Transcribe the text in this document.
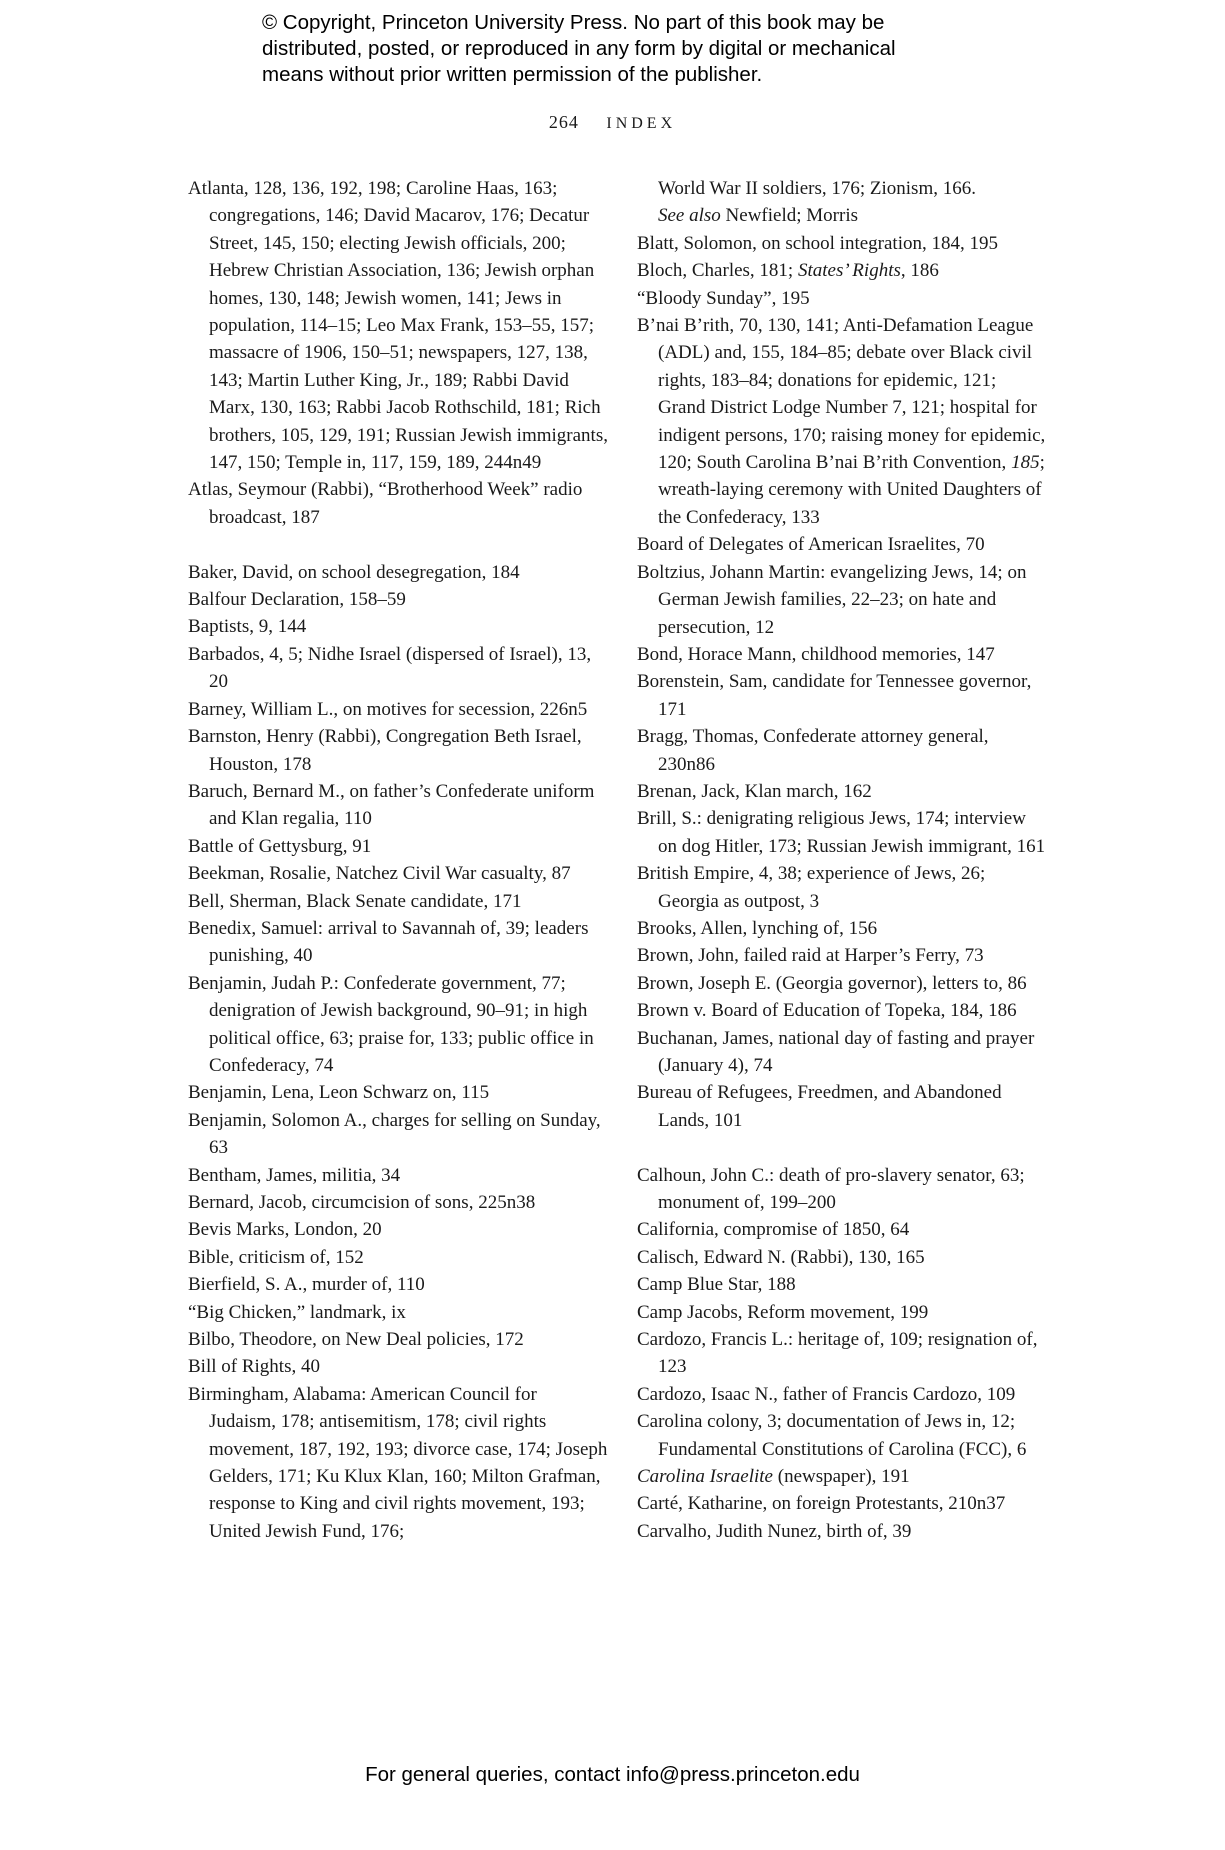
© Copyright, Princeton University Press. No part of this book may be
distributed, posted, or reproduced in any form by digital or mechanical
means without prior written permission of the publisher.
264 INDEX
Atlanta, 128, 136, 192, 198; Caroline Haas, 163; congregations, 146; David Macarov, 176; Decatur Street, 145, 150; electing Jewish officials, 200; Hebrew Christian Association, 136; Jewish orphan homes, 130, 148; Jewish women, 141; Jews in population, 114–15; Leo Max Frank, 153–55, 157; massacre of 1906, 150–51; newspapers, 127, 138, 143; Martin Luther King, Jr., 189; Rabbi David Marx, 130, 163; Rabbi Jacob Rothschild, 181; Rich brothers, 105, 129, 191; Russian Jewish immigrants, 147, 150; Temple in, 117, 159, 189, 244n49
Atlas, Seymour (Rabbi), “Brotherhood Week” radio broadcast, 187
Baker, David, on school desegregation, 184
Balfour Declaration, 158–59
Baptists, 9, 144
Barbados, 4, 5; Nidhe Israel (dispersed of Israel), 13, 20
Barney, William L., on motives for secession, 226n5
Barnston, Henry (Rabbi), Congregation Beth Israel, Houston, 178
Baruch, Bernard M., on father’s Confederate uniform and Klan regalia, 110
Battle of Gettysburg, 91
Beekman, Rosalie, Natchez Civil War casualty, 87
Bell, Sherman, Black Senate candidate, 171
Benedix, Samuel: arrival to Savannah of, 39; leaders punishing, 40
Benjamin, Judah P.: Confederate government, 77; denigration of Jewish background, 90–91; in high political office, 63; praise for, 133; public office in Confederacy, 74
Benjamin, Lena, Leon Schwarz on, 115
Benjamin, Solomon A., charges for selling on Sunday, 63
Bentham, James, militia, 34
Bernard, Jacob, circumcision of sons, 225n38
Bevis Marks, London, 20
Bible, criticism of, 152
Bierfield, S. A., murder of, 110
“Big Chicken,” landmark, ix
Bilbo, Theodore, on New Deal policies, 172
Bill of Rights, 40
Birmingham, Alabama: American Council for Judaism, 178; antisemitism, 178; civil rights movement, 187, 192, 193; divorce case, 174; Joseph Gelders, 171; Ku Klux Klan, 160; Milton Grafman, response to King and civil rights movement, 193; United Jewish Fund, 176;
World War II soldiers, 176; Zionism, 166.
See also Newfield; Morris
Blatt, Solomon, on school integration, 184, 195
Bloch, Charles, 181; States’ Rights, 186
“Bloody Sunday”, 195
B’nai B’rith, 70, 130, 141; Anti-Defamation League (ADL) and, 155, 184–85; debate over Black civil rights, 183–84; donations for epidemic, 121; Grand District Lodge Number 7, 121; hospital for indigent persons, 170; raising money for epidemic, 120; South Carolina B’nai B’rith Convention, 185; wreath-laying ceremony with United Daughters of the Confederacy, 133
Board of Delegates of American Israelites, 70
Boltzius, Johann Martin: evangelizing Jews, 14; on German Jewish families, 22–23; on hate and persecution, 12
Bond, Horace Mann, childhood memories, 147
Borenstein, Sam, candidate for Tennessee governor, 171
Bragg, Thomas, Confederate attorney general, 230n86
Brenan, Jack, Klan march, 162
Brill, S.: denigrating religious Jews, 174; interview on dog Hitler, 173; Russian Jewish immigrant, 161
British Empire, 4, 38; experience of Jews, 26; Georgia as outpost, 3
Brooks, Allen, lynching of, 156
Brown, John, failed raid at Harper’s Ferry, 73
Brown, Joseph E. (Georgia governor), letters to, 86
Brown v. Board of Education of Topeka, 184, 186
Buchanan, James, national day of fasting and prayer (January 4), 74
Bureau of Refugees, Freedmen, and Abandoned Lands, 101
Calhoun, John C.: death of pro-slavery senator, 63; monument of, 199–200
California, compromise of 1850, 64
Calisch, Edward N. (Rabbi), 130, 165
Camp Blue Star, 188
Camp Jacobs, Reform movement, 199
Cardozo, Francis L.: heritage of, 109; resignation of, 123
Cardozo, Isaac N., father of Francis Cardozo, 109
Carolina colony, 3; documentation of Jews in, 12; Fundamental Constitutions of Carolina (FCC), 6
Carolina Israelite (newspaper), 191
Carté, Katharine, on foreign Protestants, 210n37
Carvalho, Judith Nunez, birth of, 39
For general queries, contact info@press.princeton.edu
